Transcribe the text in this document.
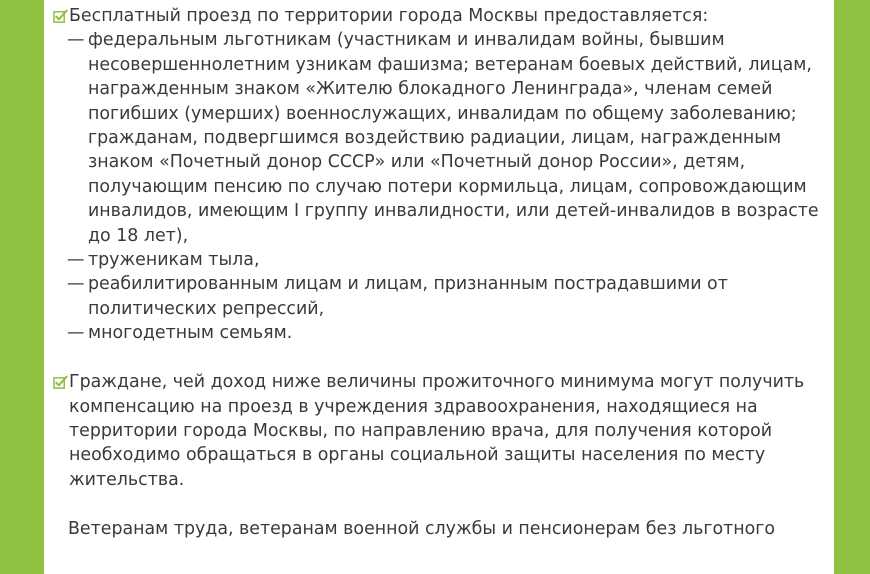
Бесплатный проезд по территории города Москвы предоставляется:
— федеральным льготникам (участникам и инвалидам войны, бывшим несовершеннолетним узникам фашизма; ветеранам боевых действий, лицам, награжденным знаком «Жителю блокадного Ленинграда», членам семей погибших (умерших) военнослужащих, инвалидам по общему заболеванию; гражданам, подвергшимся воздействию радиации, лицам, награжденным знаком «Почетный донор СССР» или «Почетный донор России», детям, получающим пенсию по случаю потери кормильца, лицам, сопровождающим инвалидов, имеющим I группу инвалидности, или детей-инвалидов в возрасте до 18 лет),
— труженикам тыла,
— реабилитированным лицам и лицам, признанным пострадавшими от политических репрессий,
— многодетным семьям.
Граждане, чей доход ниже величины прожиточного минимума могут получить компенсацию на проезд в учреждения здравоохранения, находящиеся на территории города Москвы, по направлению врача, для получения которой необходимо обращаться в органы социальной защиты населения по месту жительства.
Ветеранам труда, ветеранам военной службы и пенсионерам без льготного
